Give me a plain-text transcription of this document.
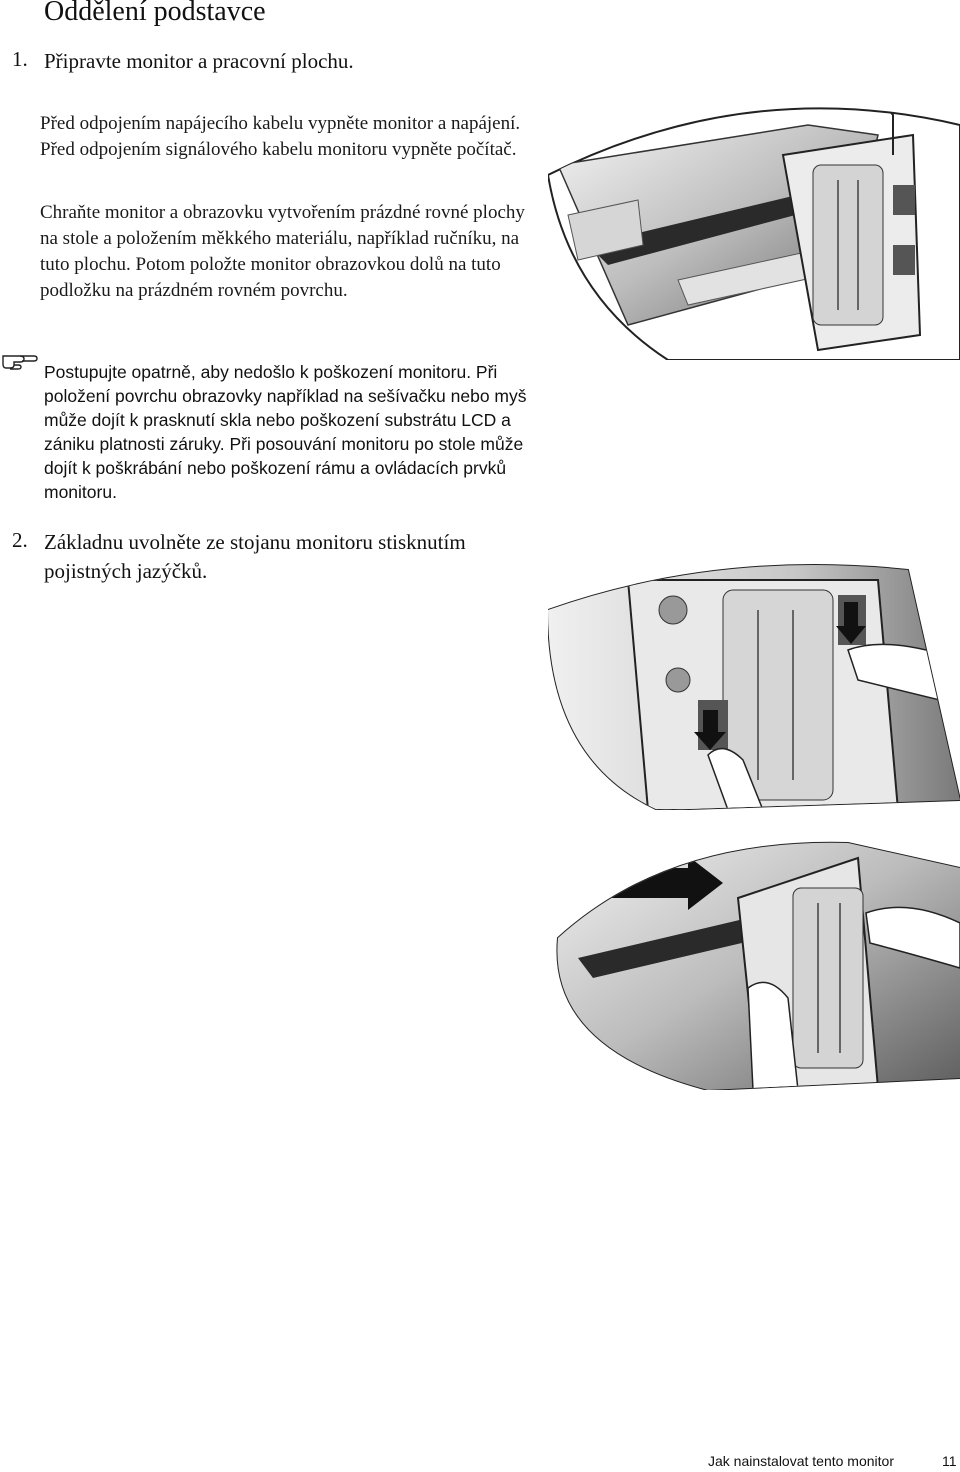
Oddělení podstavce
1. Připravte monitor a pracovní plochu.
Před odpojením napájecího kabelu vypněte monitor a napájení. Před odpojením signálového kabelu monitoru vypněte počítač.
Chraňte monitor a obrazovku vytvořením prázdné rovné plochy na stole a položením měkkého materiálu, například ručníku, na tuto plochu. Potom položte monitor obrazovkou dolů na tuto podložku na prázdném rovném povrchu.
Postupujte opatrně, aby nedošlo k poškození monitoru. Při položení povrchu obrazovky například na sešívačku nebo myš může dojít k prasknutí skla nebo poškození substrátu LCD a zániku platnosti záruky. Při posouvání monitoru po stole může dojít k poškrábání nebo poškození rámu a ovládacích prvků monitoru.
2. Základnu uvolněte ze stojanu monitoru stisknutím pojistných jazýčků.
Jak nainstalovat tento monitor	11
